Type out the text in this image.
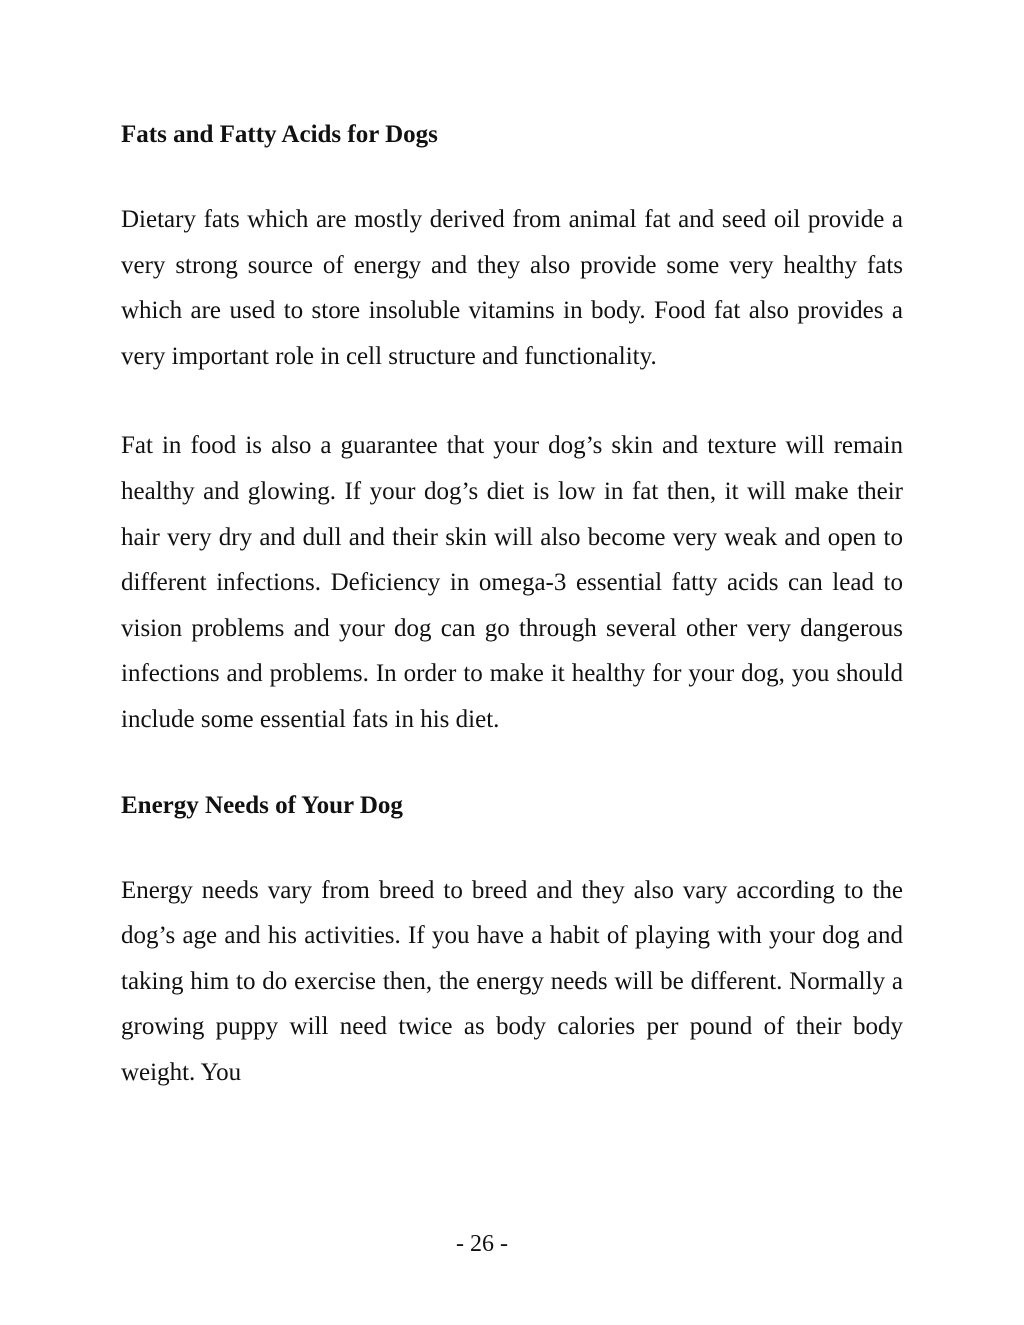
Fats and Fatty Acids for Dogs

Dietary fats which are mostly derived from animal fat and seed oil provide a very strong source of energy and they also provide some very healthy fats which are used to store insoluble vitamins in body. Food fat also provides a very important role in cell structure and functionality.

Fat in food is also a guarantee that your dog’s skin and texture will remain healthy and glowing. If your dog’s diet is low in fat then, it will make their hair very dry and dull and their skin will also become very weak and open to different infections. Deficiency in omega-3 essential fatty acids can lead to vision problems and your dog can go through several other very dangerous infections and problems. In order to make it healthy for your dog, you should include some essential fats in his diet.

Energy Needs of Your Dog

Energy needs vary from breed to breed and they also vary according to the dog’s age and his activities. If you have a habit of playing with your dog and taking him to do exercise then, the energy needs will be different. Normally a growing puppy will need twice as body calories per pound of their body weight. You

- 26 -
